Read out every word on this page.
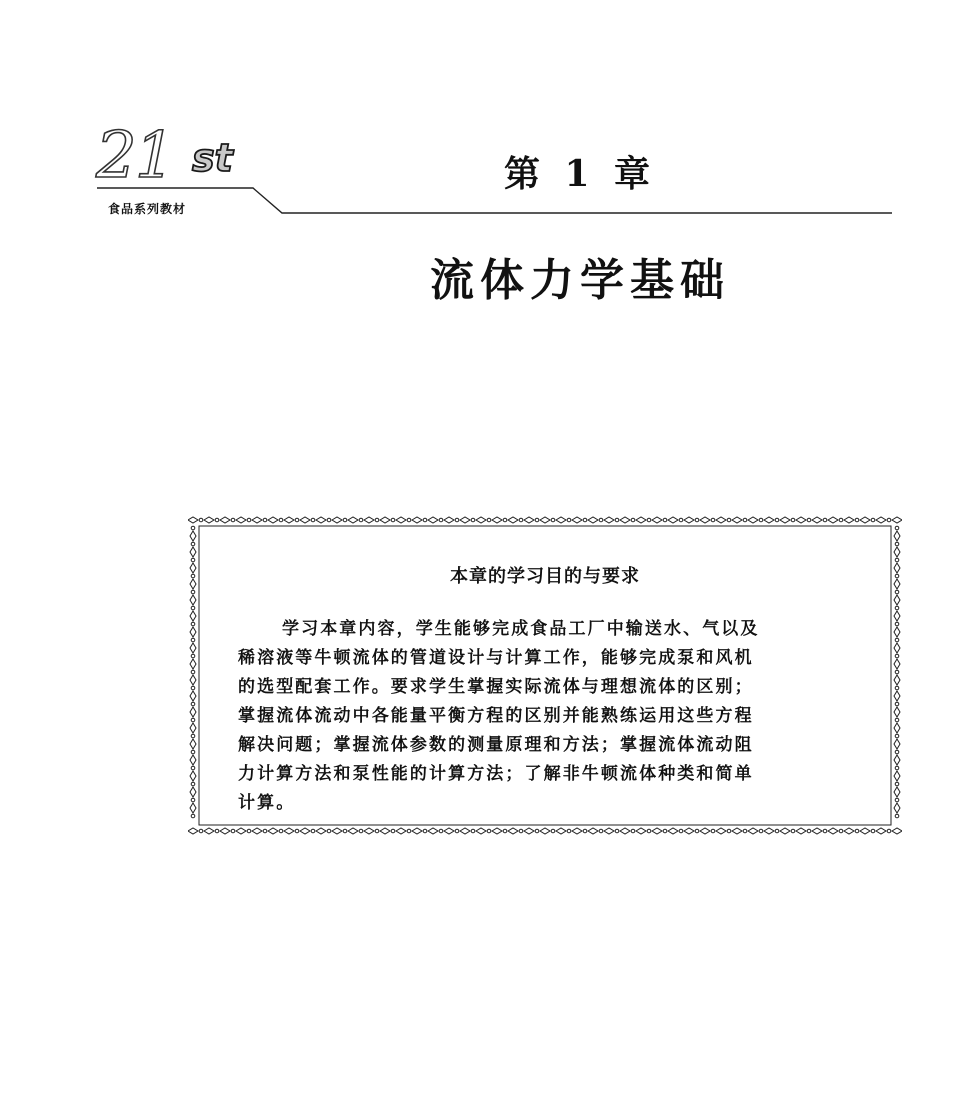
21 st
食品系列教材
第 1 章
流体力学基础
本章的学习目的与要求
学习本章内容，学生能够完成食品工厂中输送水、气以及
稀溶液等牛顿流体的管道设计与计算工作，能够完成泵和风机
的选型配套工作。要求学生掌握实际流体与理想流体的区别；
掌握流体流动中各能量平衡方程的区别并能熟练运用这些方程
解决问题；掌握流体参数的测量原理和方法；掌握流体流动阻
力计算方法和泵性能的计算方法；了解非牛顿流体种类和简单
计算。
